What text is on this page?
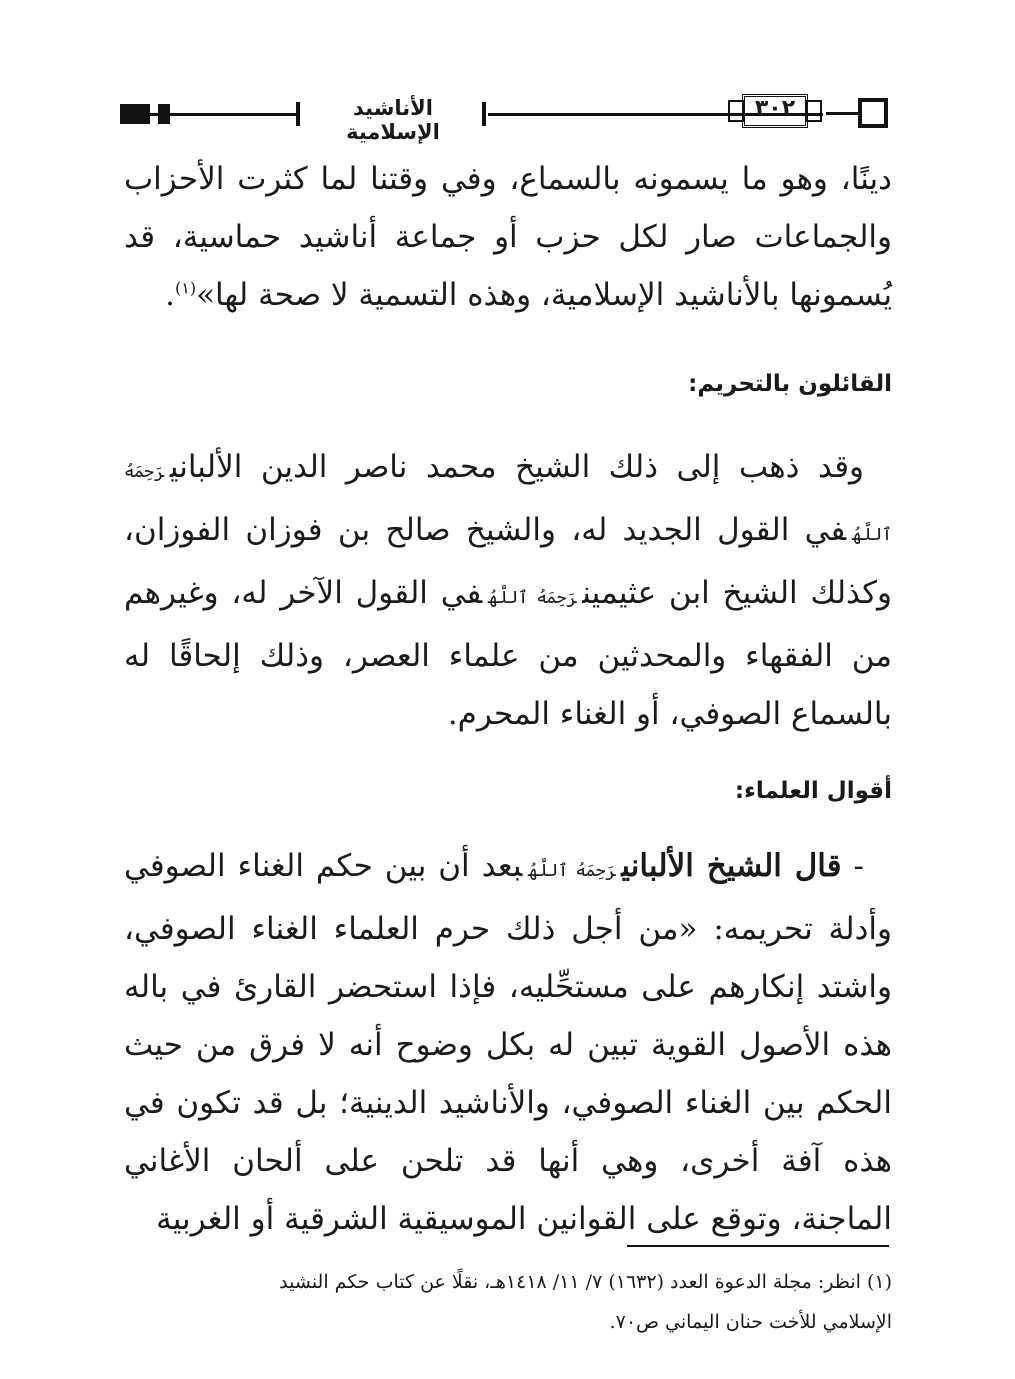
الأناشيد الإسلامية
٣٠٢

دينًا، وهو ما يسمونه بالسماع، وفي وقتنا لما كثرت الأحزاب والجماعات صار لكل حزب أو جماعة أناشيد حماسية، قد يُسمونها بالأناشيد الإسلامية، وهذه التسمية لا صحة لها»$^{(١)}$.

القائلون بالتحريم:

وقد ذهب إلى ذلك الشيخ محمد ناصر الدين الألبانيرَحِمَهُ ٱللَّهُفي القول الجديد له، والشيخ صالح بن فوزان الفوزان، وكذلك الشيخ ابن عثيمينرَحِمَهُ ٱللَّهُفي القول الآخر له، وغيرهم من الفقهاء والمحدثين من علماء العصر، وذلك إلحاقًا له بالسماع الصوفي، أو الغناء المحرم.

أقوال العلماء:

- قال الشيخ الألبانيرَحِمَهُ ٱللَّهُبعد أن بين حكم الغناء الصوفي وأدلة تحريمه: «من أجل ذلك حرم العلماء الغناء الصوفي، واشتد إنكارهم على مستحِّليه، فإذا استحضر القارئ في باله هذه الأصول القوية تبين له بكل وضوح أنه لا فرق من حيث الحكم بين الغناء الصوفي، والأناشيد الدينية؛ بل قد تكون في هذه آفة أخرى، وهي أنها قد تلحن على ألحان الأغاني الماجنة، وتوقع على القوانين الموسيقية الشرقية أو الغربية

(١) انظر: مجلة الدعوة العدد (١٦٣٢) ٧/ ١١/ ١٤١٨هـ، نقلًا عن كتاب حكم النشيد
الإسلامي للأخت حنان اليماني ص٧٠.
